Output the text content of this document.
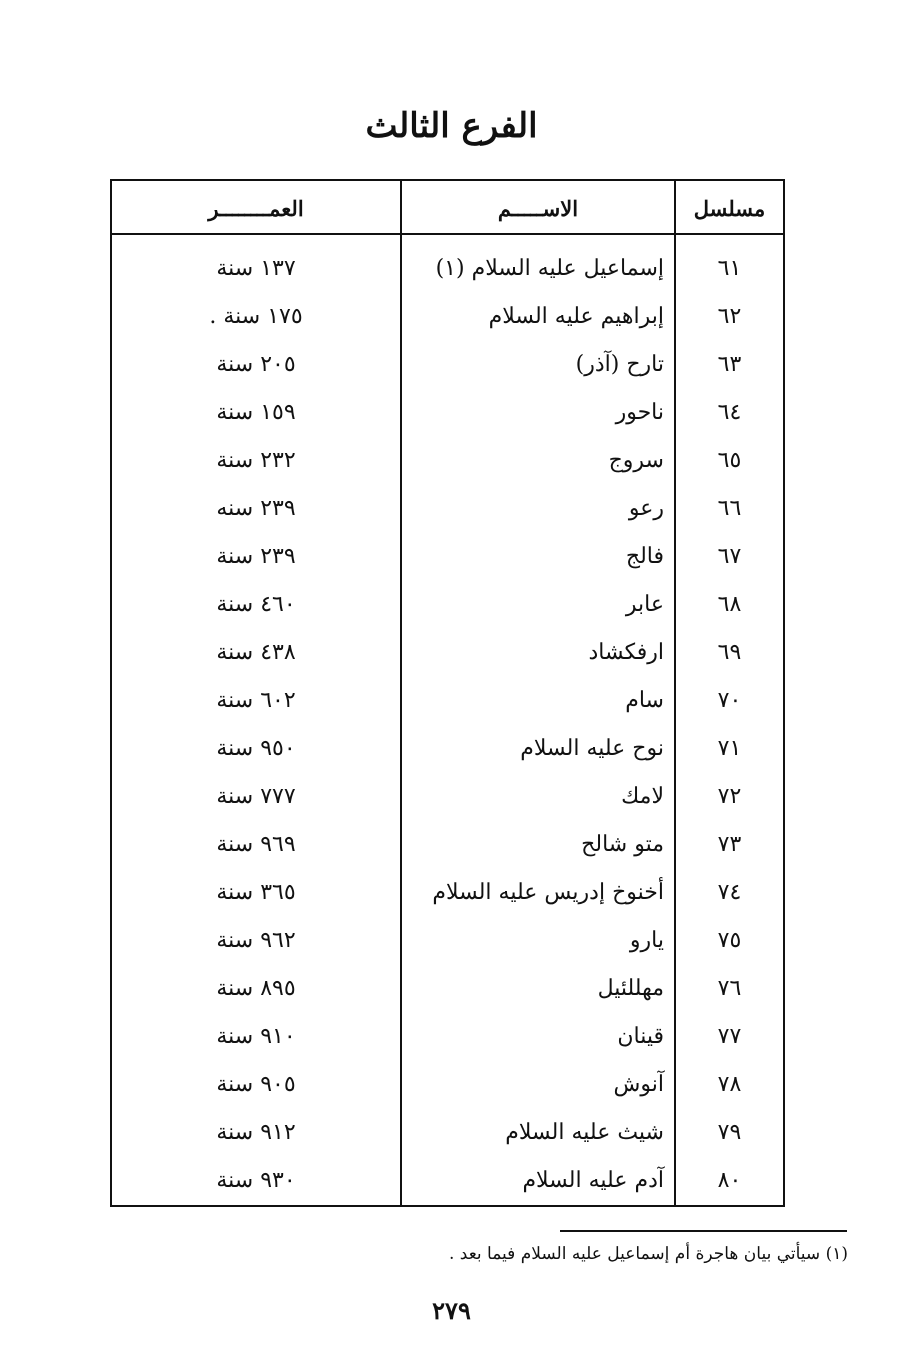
الفرع الثالث
العمــــــــر	الاســـــم	مسلسل
١٣٧ سنة	إسماعيل عليه السلام (١)	٦١
١٧٥ سنة .	إبراهيم عليه السلام	٦٢
٢٠٥ سنة	تارح (آذر)	٦٣
١٥٩ سنة	ناحور	٦٤
٢٣٢ سنة	سروج	٦٥
٢٣٩ سنه	رعو	٦٦
٢٣٩ سنة	فالج	٦٧
٤٦٠ سنة	عابر	٦٨
٤٣٨ سنة	ارفكشاد	٦٩
٦٠٢ سنة	سام	٧٠
٩٥٠ سنة	نوح عليه السلام	٧١
٧٧٧ سنة	لامك	٧٢
٩٦٩ سنة	متو شالح	٧٣
٣٦٥ سنة	أخنوخ إدريس عليه السلام	٧٤
٩٦٢ سنة	يارو	٧٥
٨٩٥ سنة	مهللئيل	٧٦
٩١٠ سنة	قينان	٧٧
٩٠٥ سنة	آنوش	٧٨
٩١٢ سنة	شيث عليه السلام	٧٩
٩٣٠ سنة	آدم عليه السلام	٨٠
(١) سيأتي بيان هاجرة أم إسماعيل عليه السلام فيما بعد .
٢٧٩
